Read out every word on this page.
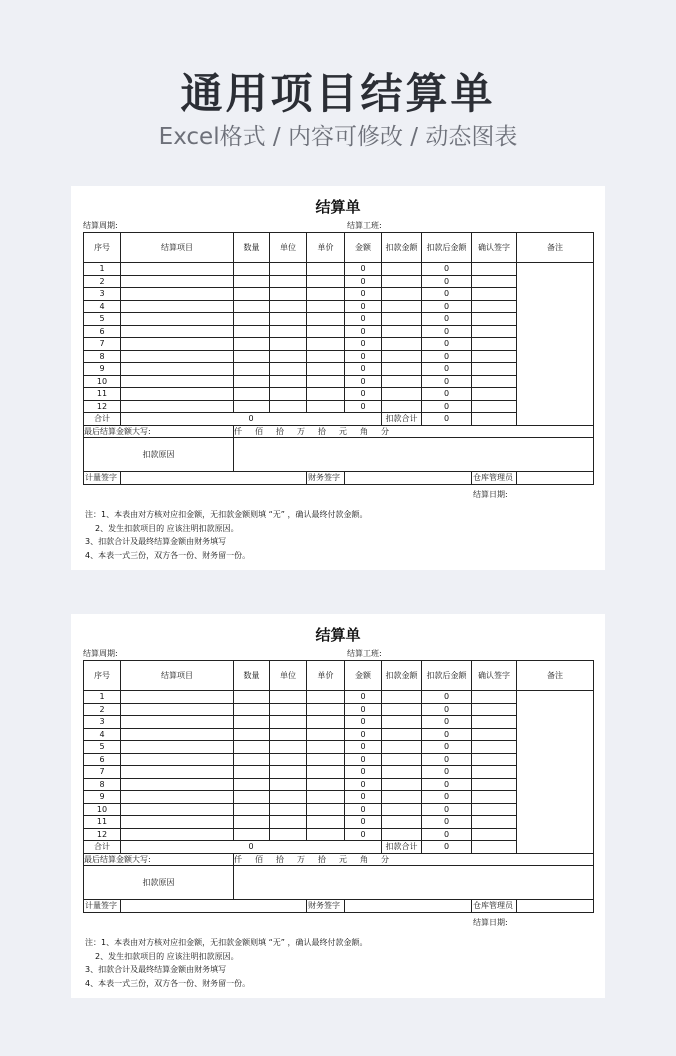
通用项目结算单
Excel格式 / 内容可修改 / 动态图表
结算单
结算周期:	结算工班:
序号	结算项目	数量	单位	单价	金额	扣款金额	扣款后金额	确认签字	备注
1					0		0		
2					0		0		
3					0		0		
4					0		0		
5					0		0		
6					0		0		
7					0		0		
8					0		0		
9					0		0		
10					0		0		
11					0		0		
12					0		0		
合计	0					扣款合计	0		
最后结算金额大写:		仟 佰 拾 万 拾 元 角 分							
扣款原因									
计量签字				财务签字				仓库管理员	
结算日期:
注：1、本表由对方核对应扣金额，无扣款金额则填 “无” ，确认最终付款金额。
2、发生扣款项目的 应该注明扣款原因。
3、扣款合计及最终结算金额由财务填写
4、本表一式三份，双方各一份、财务留一份。
结算单
结算周期:	结算工班:
序号	结算项目	数量	单位	单价	金额	扣款金额	扣款后金额	确认签字	备注
1					0		0		
2					0		0		
3					0		0		
4					0		0		
5					0		0		
6					0		0		
7					0		0		
8					0		0		
9					0		0		
10					0		0		
11					0		0		
12					0		0		
合计	0					扣款合计	0		
最后结算金额大写:		仟 佰 拾 万 拾 元 角 分							
扣款原因									
计量签字				财务签字				仓库管理员	
结算日期:
注：1、本表由对方核对应扣金额，无扣款金额则填 “无” ，确认最终付款金额。
2、发生扣款项目的 应该注明扣款原因。
3、扣款合计及最终结算金额由财务填写
4、本表一式三份，双方各一份、财务留一份。
